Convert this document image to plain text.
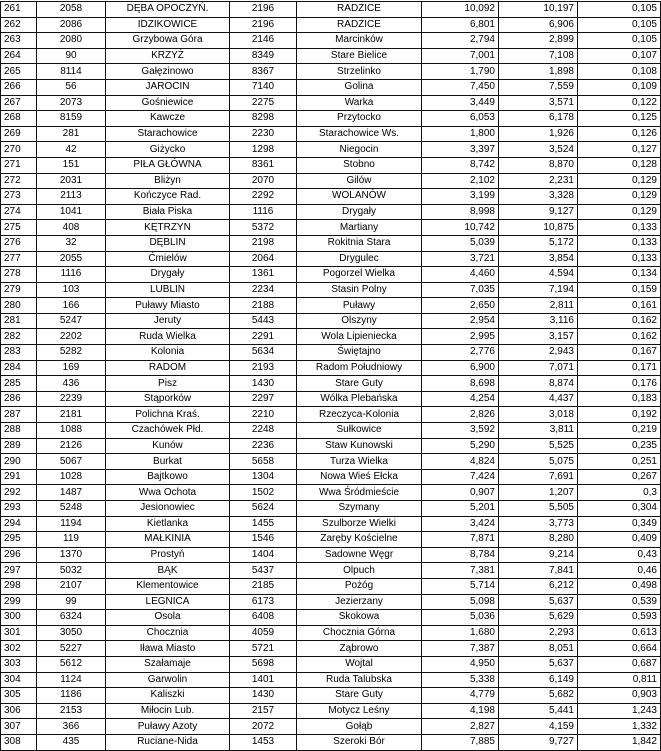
261	2058	DĘBA OPOCZYŃ.	2196	RADZICE	10,092	10,197	0,105
262	2086	IDZIKOWICE	2196	RADZICE	6,801	6,906	0,105
263	2080	Grzybowa Góra	2146	Marcinków	2,794	2,899	0,105
264	90	KRZYŻ	8349	Stare Bielice	7,001	7,108	0,107
265	8114	Gałęzinowo	8367	Strzelinko	1,790	1,898	0,108
266	56	JAROCIN	7140	Golina	7,450	7,559	0,109
267	2073	Gośniewice	2275	Warka	3,449	3,571	0,122
268	8159	Kawcze	8298	Przytocko	6,053	6,178	0,125
269	281	Starachowice	2230	Starachowice Ws.	1,800	1,926	0,126
270	42	Giżycko	1298	Niegocin	3,397	3,524	0,127
271	151	PIŁA GŁÓWNA	8361	Stobno	8,742	8,870	0,128
272	2031	Bliżyn	2070	Gilów	2,102	2,231	0,129
273	2113	Kończyce Rad.	2292	WOLANÓW	3,199	3,328	0,129
274	1041	Biała Piska	1116	Drygały	8,998	9,127	0,129
275	408	KĘTRZYN	5372	Martiany	10,742	10,875	0,133
276	32	DĘBLIN	2198	Rokitnia Stara	5,039	5,172	0,133
277	2055	Ćmielów	2064	Drygulec	3,721	3,854	0,133
278	1116	Drygały	1361	Pogorzel Wielka	4,460	4,594	0,134
279	103	LUBLIN	2234	Stasin Polny	7,035	7,194	0,159
280	166	Puławy Miasto	2188	Puławy	2,650	2,811	0,161
281	5247	Jeruty	5443	Olszyny	2,954	3,116	0,162
282	2202	Ruda Wielka	2291	Wola Lipieniecka	2,995	3,157	0,162
283	5282	Kolonia	5634	Świętajno	2,776	2,943	0,167
284	169	RADOM	2193	Radom Południowy	6,900	7,071	0,171
285	436	Pisz	1430	Stare Guty	8,698	8,874	0,176
286	2239	Stąporków	2297	Wólka Plebańska	4,254	4,437	0,183
287	2181	Polichna Kraś.	2210	Rzeczyca-Kolonia	2,826	3,018	0,192
288	1088	Czachówek Płd.	2248	Sułkowice	3,592	3,811	0,219
289	2126	Kunów	2236	Staw Kunowski	5,290	5,525	0,235
290	5067	Burkat	5658	Turza Wielka	4,824	5,075	0,251
291	1028	Bajtkowo	1304	Nowa Wieś Ełcka	7,424	7,691	0,267
292	1487	Wwa Ochota	1502	Wwa Śródmieście	0,907	1,207	0,3
293	5248	Jesionowiec	5624	Szymany	5,201	5,505	0,304
294	1194	Kietlanka	1455	Szulborze Wielki	3,424	3,773	0,349
295	119	MAŁKINIA	1546	Zaręby Kościelne	7,871	8,280	0,409
296	1370	Prostyń	1404	Sadowne Węgr	8,784	9,214	0,43
297	5032	BĄK	5437	Olpuch	7,381	7,841	0,46
298	2107	Klementowice	2185	Pożóg	5,714	6,212	0,498
299	99	LEGNICA	6173	Jezierzany	5,098	5,637	0,539
300	6324	Osola	6408	Skokowa	5,036	5,629	0,593
301	3050	Chocznia	4059	Chocznia Górna	1,680	2,293	0,613
302	5227	Iława Miasto	5721	Ząbrowo	7,387	8,051	0,664
303	5612	Szałamaje	5698	Wojtal	4,950	5,637	0,687
304	1124	Garwolin	1401	Ruda Talubska	5,338	6,149	0,811
305	1186	Kaliszki	1430	Stare Guty	4,779	5,682	0,903
306	2153	Miłocin Lub.	2157	Motycz Leśny	4,198	5,441	1,243
307	366	Puławy Azoty	2072	Gołąb	2,827	4,159	1,332
308	435	Ruciane-Nida	1453	Szeroki Bór	7,885	9,727	1,842
